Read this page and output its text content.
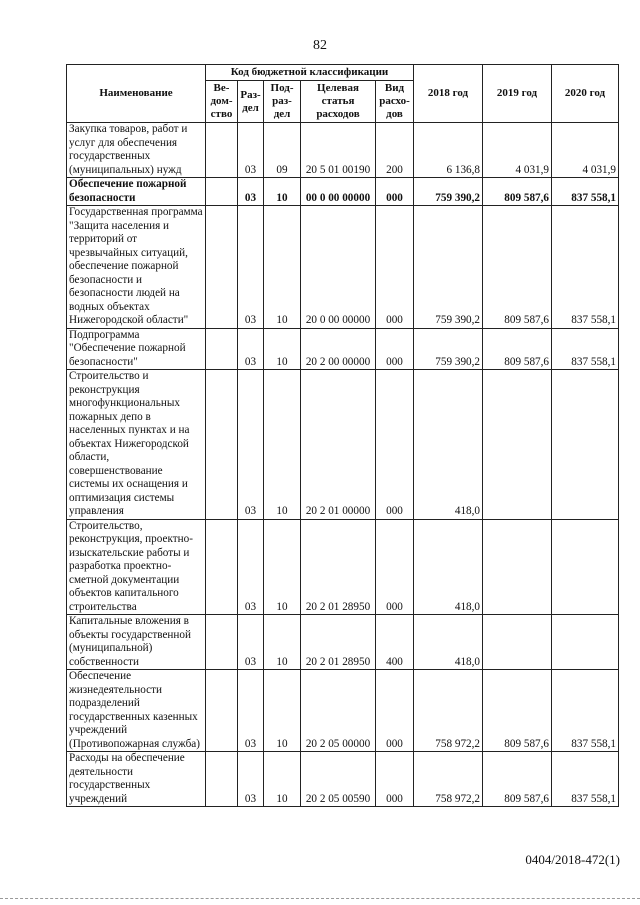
82
Наименование	Код бюджетной классификации					2018 год	2019 год	2020 год
	Ве-дом-ство	Раз-дел	Под-раз-дел	Целевая статья расходов	Вид расхо-дов			
Закупка товаров, работ и услуг для обеспечения государственных (муниципальных) нужд		03	09	20 5 01 00190	200	6 136,8	4 031,9	4 031,9
Обеспечение пожарной безопасности		03	10	00 0 00 00000	000	759 390,2	809 587,6	837 558,1
Государственная программа "Защита населения и территорий от чрезвычайных ситуаций, обеспечение пожарной безопасности и безопасности людей на водных объектах Нижегородской области"		03	10	20 0 00 00000	000	759 390,2	809 587,6	837 558,1
Подпрограмма "Обеспечение пожарной безопасности"		03	10	20 2 00 00000	000	759 390,2	809 587,6	837 558,1
Строительство и реконструкция многофункциональных пожарных депо в населенных пунктах и на объектах Нижегородской области, совершенствование системы их оснащения и оптимизация системы управления		03	10	20 2 01 00000	000	418,0		
Строительство, реконструкция, проектно-изыскательские работы и разработка проектно-сметной документации объектов капитального строительства		03	10	20 2 01 28950	000	418,0		
Капитальные вложения в объекты государственной (муниципальной) собственности		03	10	20 2 01 28950	400	418,0		
Обеспечение жизнедеятельности подразделений государственных казенных учреждений (Противопожарная служба)		03	10	20 2 05 00000	000	758 972,2	809 587,6	837 558,1
Расходы на обеспечение деятельности государственных учреждений		03	10	20 2 05 00590	000	758 972,2	809 587,6	837 558,1
0404/2018-472(1)
